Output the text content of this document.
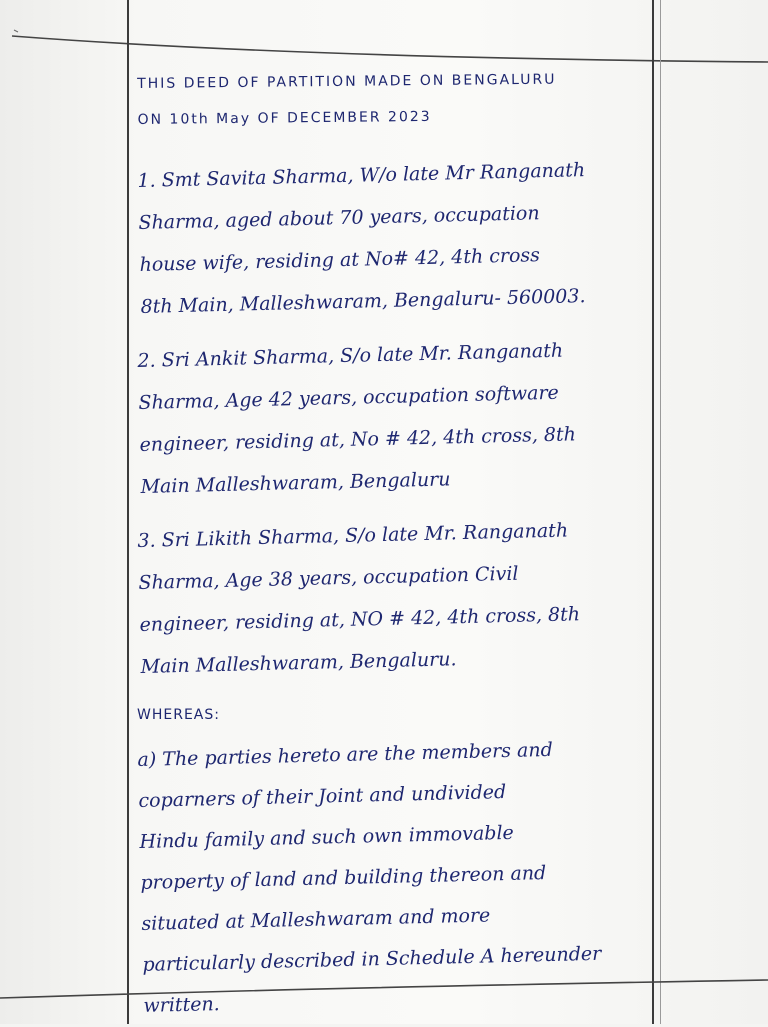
THIS DEED OF PARTITION MADE ON BENGALURU
ON 10th May OF DECEMBER 2023
1. Smt Savita Sharma, W/o late Mr Ranganath
Sharma, aged about 70 years, occupation
house wife, residing at No# 42, 4th cross
8th Main, Malleshwaram, Bengaluru- 560003.
2. Sri Ankit Sharma, S/o late Mr. Ranganath
Sharma, Age 42 years, occupation software
engineer, residing at, No # 42, 4th cross, 8th
Main Malleshwaram, Bengaluru
3. Sri Likith Sharma, S/o late Mr. Ranganath
Sharma, Age 38 years, occupation Civil
engineer, residing at, NO # 42, 4th cross, 8th
Main Malleshwaram, Bengaluru.
WHEREAS:
a) The parties hereto are the members and
coparners of their Joint and undivided
Hindu family and such own immovable
property of land and building thereon and
situated at Malleshwaram and more
particularly described in Schedule A hereunder
written.
